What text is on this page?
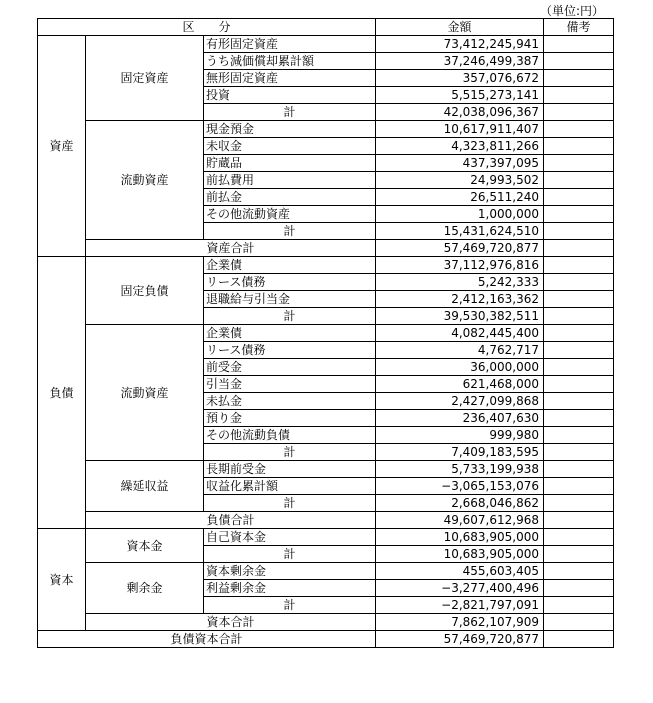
（単位:円）
区　　分			金額	備考
資産	固定資産	有形固定資産	73,412,245,941	
		うち減価償却累計額	37,246,499,387	
		無形固定資産	357,076,672	
		投資	5,515,273,141	
		計	42,038,096,367	
	流動資産	現金預金	10,617,911,407	
		未収金	4,323,811,266	
		貯蔵品	437,397,095	
		前払費用	24,993,502	
		前払金	26,511,240	
		その他流動資産	1,000,000	
		計	15,431,624,510	
	資産合計		57,469,720,877	
負債	固定負債	企業債	37,112,976,816	
		リース債務	5,242,333	
		退職給与引当金	2,412,163,362	
		計	39,530,382,511	
	流動資産	企業債	4,082,445,400	
		リース債務	4,762,717	
		前受金	36,000,000	
		引当金	621,468,000	
		未払金	2,427,099,868	
		預り金	236,407,630	
		その他流動負債	999,980	
		計	7,409,183,595	
	繰延収益	長期前受金	5,733,199,938	
		収益化累計額	−3,065,153,076	
		計	2,668,046,862	
	負債合計		49,607,612,968	
資本	資本金	自己資本金	10,683,905,000	
		計	10,683,905,000	
	剰余金	資本剰余金	455,603,405	
		利益剰余金	−3,277,400,496	
		計	−2,821,797,091	
	資本合計		7,862,107,909	
負債資本合計			57,469,720,877	
